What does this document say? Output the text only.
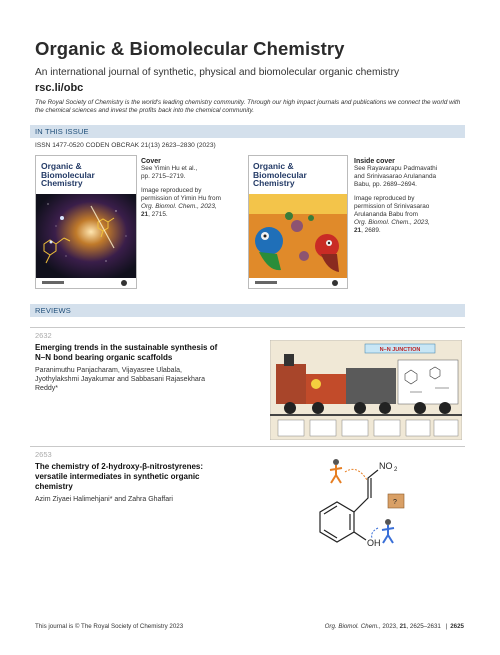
Organic & Biomolecular Chemistry
An international journal of synthetic, physical and biomolecular organic chemistry
rsc.li/obc
The Royal Society of Chemistry is the world's leading chemistry community. Through our high impact journals and publications we connect the world with the chemical sciences and invest the profits back into the chemical community.
IN THIS ISSUE
ISSN 1477-0520 CODEN OBCRAK 21(13) 2623–2830 (2023)
Organic &
Biomolecular
Chemistry
Cover
See Yimin Hu et al.,
pp. 2715–2719.
Image reproduced by
permission of Yimin Hu from
Org. Biomol. Chem., 2023,
21, 2715.
Organic &
Biomolecular
Chemistry
Inside cover
See Rayavarapu Padmavathi
and Srinivasarao Arulananda
Babu, pp. 2689–2694.
Image reproduced by
permission of Srinivasarao
Arulananda Babu from
Org. Biomol. Chem., 2023,
21, 2689.
REVIEWS
2632
Emerging trends in the sustainable synthesis of
N–N bond bearing organic scaffolds
Paranimuthu Panjacharam, Vijayasree Ulabala,
Jyothylakshmi Jayakumar and Sabbasani Rajasekhara
Reddy*
N–N JUNCTION
2653
The chemistry of 2-hydroxy-β-nitrostyrenes:
versatile intermediates in synthetic organic
chemistry
Azim Ziyaei Halimehjani* and Zahra Ghaffari
NO 2
OH
?
This journal is © The Royal Society of Chemistry 2023	Org. Biomol. Chem., 2023, 21, 2625–2631 | 2625
